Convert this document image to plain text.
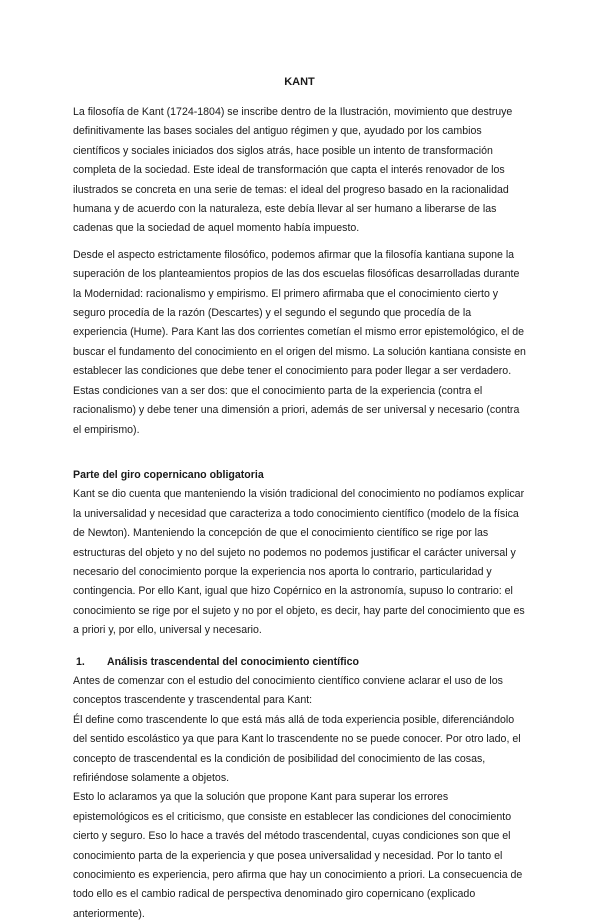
KANT

La filosofía de Kant (1724-1804) se inscribe dentro de la Ilustración, movimiento que destruye definitivamente las bases sociales del antiguo régimen y que, ayudado por los cambios científicos y sociales iniciados dos siglos atrás, hace posible un intento de transformación completa de la sociedad. Este ideal de transformación que capta el interés renovador de los ilustrados se concreta en una serie de temas: el ideal del progreso basado en la racionalidad humana y de acuerdo con la naturaleza, este debía llevar al ser humano a liberarse de las cadenas que la sociedad de aquel momento había impuesto.

Desde el aspecto estrictamente filosófico, podemos afirmar que la filosofía kantiana supone la superación de los planteamientos propios de las dos escuelas filosóficas desarrolladas durante la Modernidad: racionalismo y empirismo. El primero afirmaba que el conocimiento cierto y seguro procedía de la razón (Descartes) y el segundo el segundo que procedía de la experiencia (Hume). Para Kant las dos corrientes cometían el mismo error epistemológico, el de buscar el fundamento del conocimiento en el origen del mismo. La solución kantiana consiste en establecer las condiciones que debe tener el conocimiento para poder llegar a ser verdadero. Estas condiciones van a ser dos: que el conocimiento parta de la experiencia (contra el racionalismo) y debe tener una dimensión a priori, además de ser universal y necesario (contra el empirismo).

Parte del giro copernicano obligatoria

Kant se dio cuenta que manteniendo la visión tradicional del conocimiento no podíamos explicar la universalidad y necesidad que caracteriza a todo conocimiento científico (modelo de la física de Newton). Manteniendo la concepción de que el conocimiento científico se rige por las estructuras del objeto y no del sujeto no podemos no podemos justificar el carácter universal y necesario del conocimiento porque la experiencia nos aporta lo contrario, particularidad y contingencia. Por ello Kant, igual que hizo Copérnico en la astronomía, supuso lo contrario: el conocimiento se rige por el sujeto y no por el objeto, es decir, hay parte del conocimiento que es a priori y, por ello, universal y necesario.

1.	Análisis trascendental del conocimiento científico

Antes de comenzar con el estudio del conocimiento científico conviene aclarar el uso de los conceptos trascendente y trascendental para Kant:

Él define como trascendente lo que está más allá de toda experiencia posible, diferenciándolo del sentido escolástico ya que para Kant lo trascendente no se puede conocer. Por otro lado, el concepto de trascendental es la condición de posibilidad del conocimiento de las cosas, refiriéndose solamente a objetos.

Esto lo aclaramos ya que la solución que propone Kant para superar los errores epistemológicos es el criticismo, que consiste en establecer las condiciones del conocimiento cierto y seguro. Eso lo hace a través del método trascendental, cuyas condiciones son que el conocimiento parta de la experiencia y que posea universalidad y necesidad. Por lo tanto el conocimiento es experiencia, pero afirma que hay un conocimiento a priori. La consecuencia de todo ello es el cambio radical de perspectiva denominado giro copernicano (explicado anteriormente).
